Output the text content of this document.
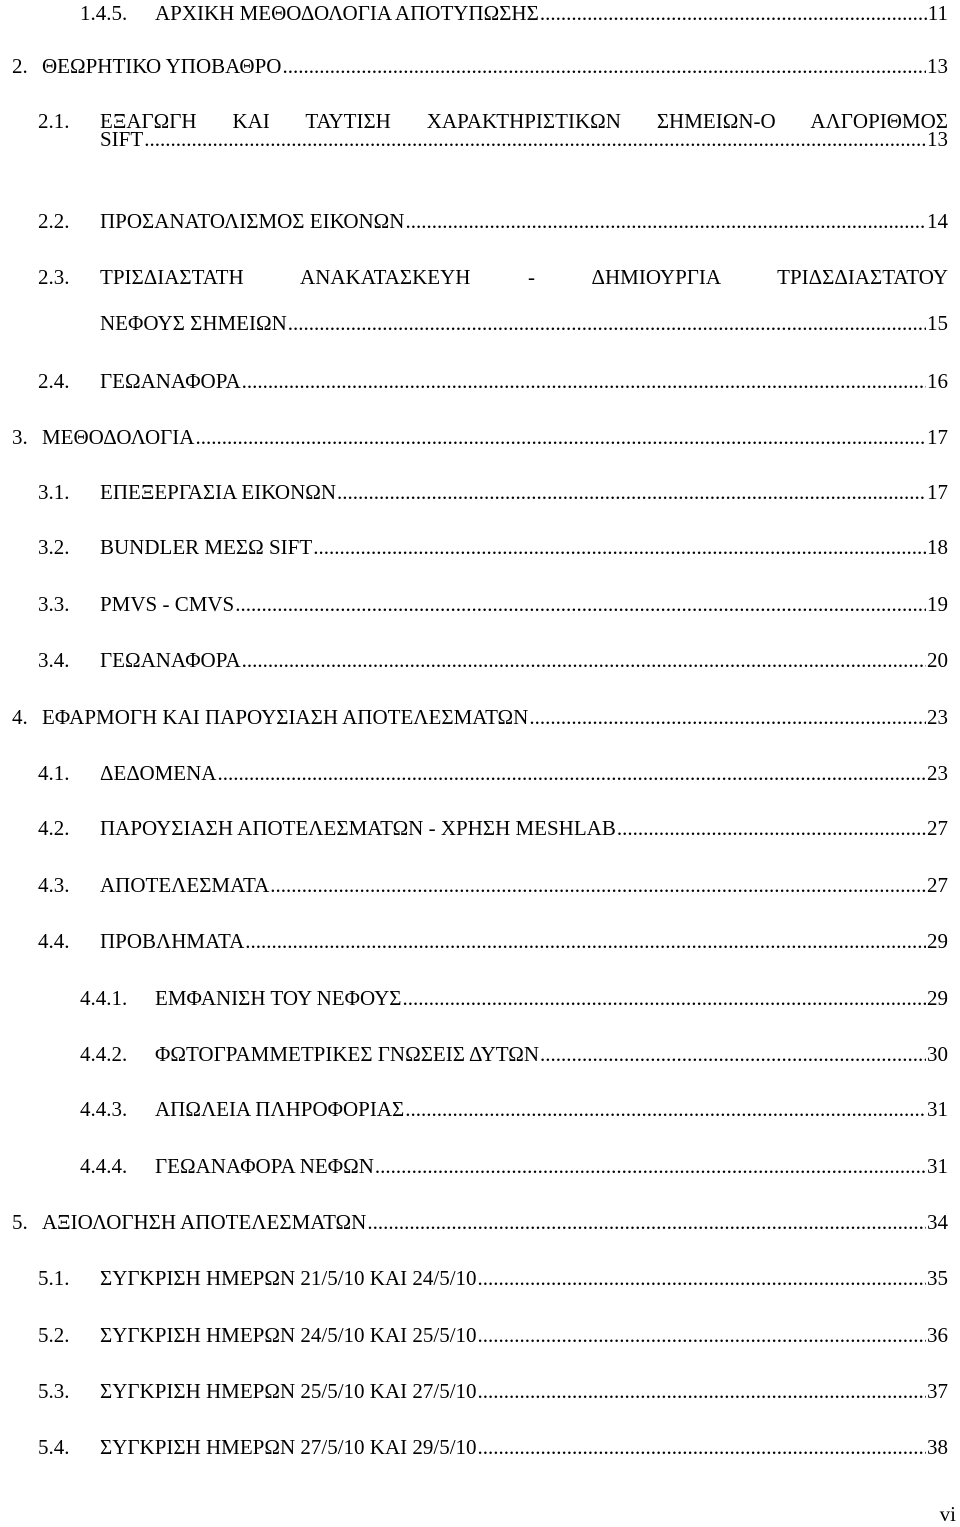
1.4.5.	ΑΡΧΙΚΗ ΜΕΘΟΔΟΛΟΓΙΑ ΑΠΟΤΥΠΩΣΗΣ .....	11
2. ΘΕΩΡΗΤΙΚΟ ΥΠΟΒΑΘΡΟ .....	13
2.1.	ΕΞΑΓΩΓΗ ΚΑΙ ΤΑΥΤΙΣΗ ΧΑΡΑΚΤΗΡΙΣΤΙΚΩΝ ΣΗΜΕΙΩΝ-Ο ΑΛΓΟΡΙΘΜΟΣ
SIFT .....	13
2.2.	ΠΡΟΣΑΝΑΤΟΛΙΣΜΟΣ ΕΙΚΟΝΩΝ .....	14
2.3.	ΤΡΙΣΔΙΑΣΤΑΤΗ ΑΝΑΚΑΤΑΣΚΕΥΗ - ΔΗΜΙΟΥΡΓΙΑ ΤΡΙΔΣΔΙΑΣΤΑΤΟΥ
ΝΕΦΟΥΣ ΣΗΜΕΙΩΝ .....	15
2.4.	ΓΕΩΑΝΑΦΟΡΑ .....	16
3. ΜΕΘΟΔΟΛΟΓΙΑ .....	17
3.1.	ΕΠΕΞΕΡΓΑΣΙΑ ΕΙΚΟΝΩΝ .....	17
3.2.	BUNDLER ΜΕΣΩ SIFT .....	18
3.3.	PMVS - CMVS .....	19
3.4.	ΓΕΩΑΝΑΦΟΡΑ .....	20
4. ΕΦΑΡΜΟΓΗ ΚΑΙ ΠΑΡΟΥΣΙΑΣΗ ΑΠΟΤΕΛΕΣΜΑΤΩΝ .....	23
4.1.	ΔΕΔΟΜΕΝΑ .....	23
4.2.	ΠΑΡΟΥΣΙΑΣΗ ΑΠΟΤΕΛΕΣΜΑΤΩΝ - ΧΡΗΣΗ MESHLAB .....	27
4.3.	ΑΠΟΤΕΛΕΣΜΑΤΑ .....	27
4.4.	ΠΡΟΒΛΗΜΑΤΑ .....	29
4.4.1.	ΕΜΦΑΝΙΣΗ ΤΟΥ ΝΕΦΟΥΣ .....	29
4.4.2.	ΦΩΤΟΓΡΑΜΜΕΤΡΙΚΕΣ ΓΝΩΣΕΙΣ ΔΥΤΩΝ .....	30
4.4.3.	ΑΠΩΛΕΙΑ ΠΛΗΡΟΦΟΡΙΑΣ .....	31
4.4.4.	ΓΕΩΑΝΑΦΟΡΑ ΝΕΦΩΝ .....	31
5. ΑΞΙΟΛΟΓΗΣΗ ΑΠΟΤΕΛΕΣΜΑΤΩΝ .....	34
5.1.	ΣΥΓΚΡΙΣΗ ΗΜΕΡΩΝ 21/5/10 ΚΑΙ 24/5/10 .....	35
5.2.	ΣΥΓΚΡΙΣΗ ΗΜΕΡΩΝ 24/5/10 ΚΑΙ 25/5/10 .....	36
5.3.	ΣΥΓΚΡΙΣΗ ΗΜΕΡΩΝ 25/5/10 ΚΑΙ 27/5/10 .....	37
5.4.	ΣΥΓΚΡΙΣΗ ΗΜΕΡΩΝ 27/5/10 ΚΑΙ 29/5/10 .....	38
vi
